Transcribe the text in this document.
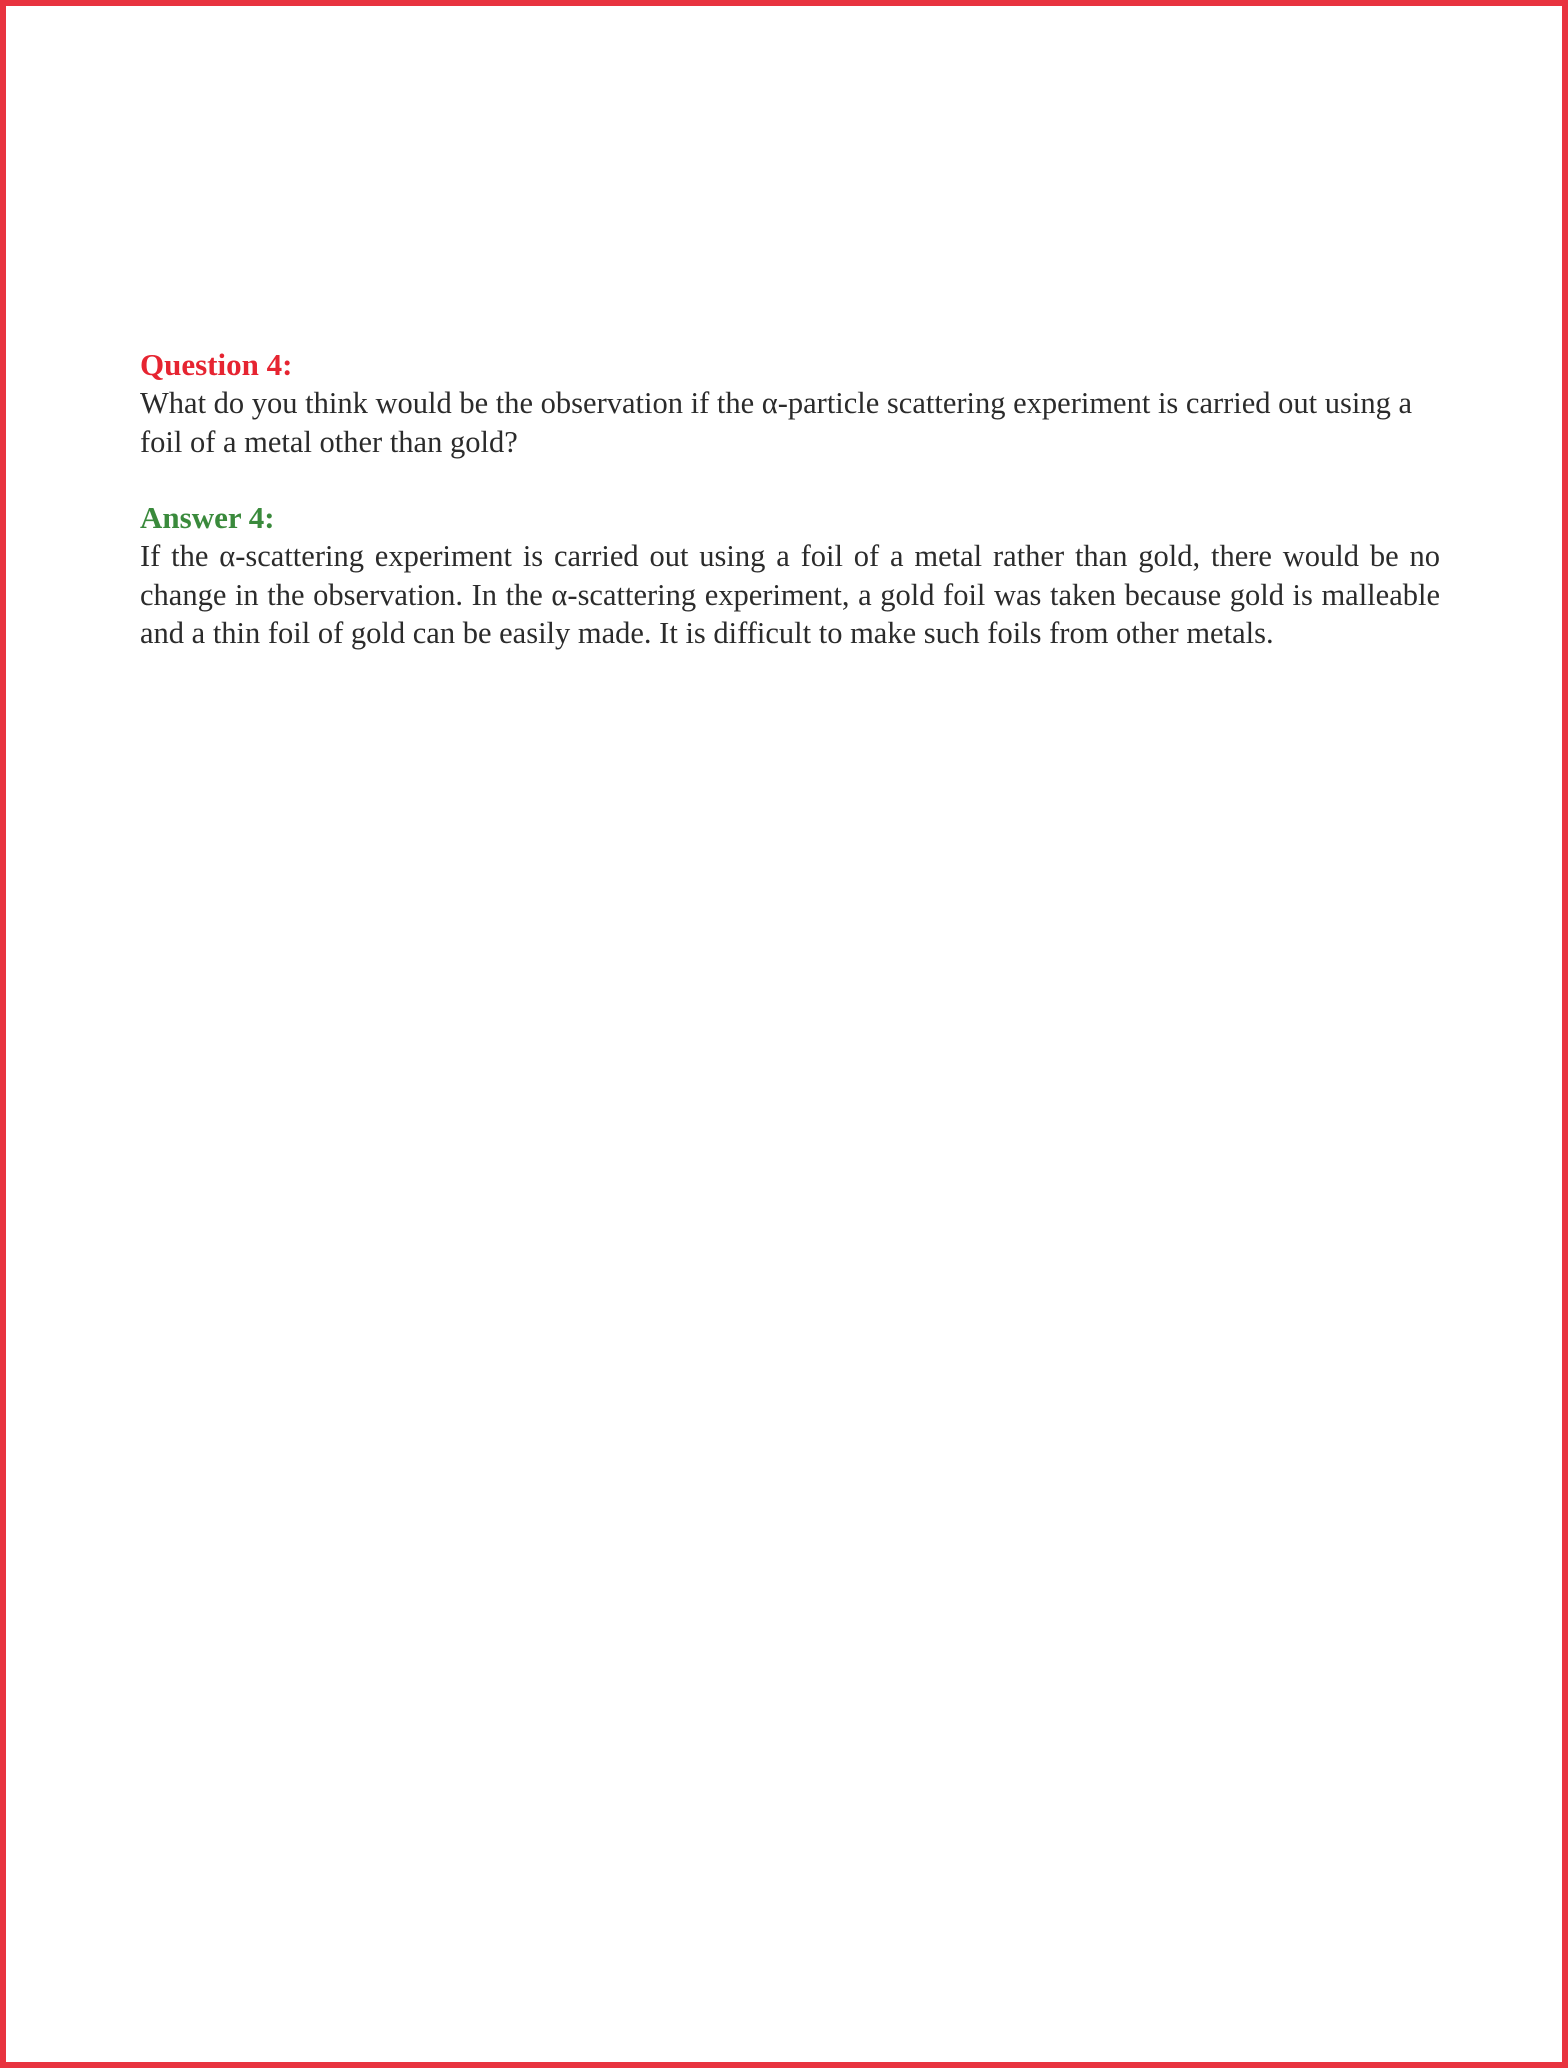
Question 4:

What do you think would be the observation if the α-particle scattering experiment is carried out using a foil of a metal other than gold?

Answer 4:

If the α-scattering experiment is carried out using a foil of a metal rather than gold, there would be no change in the observation. In the α-scattering experiment, a gold foil was taken because gold is malleable and a thin foil of gold can be easily made. It is difficult to make such foils from other metals.
